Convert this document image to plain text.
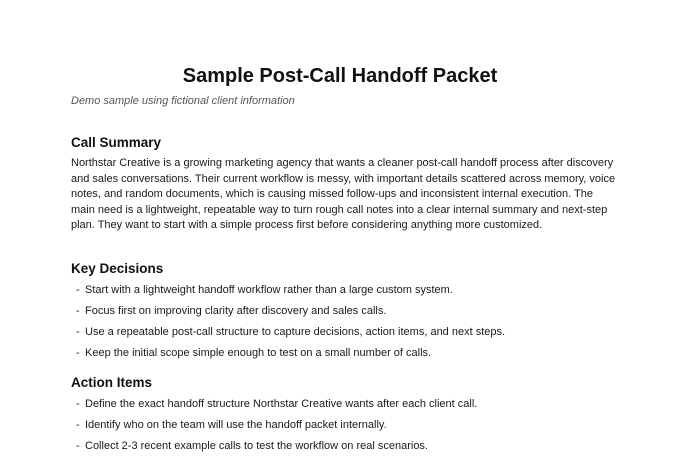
Sample Post-Call Handoff Packet

Demo sample using fictional client information

Call Summary

Northstar Creative is a growing marketing agency that wants a cleaner post-call handoff process after discovery and sales conversations. Their current workflow is messy, with important details scattered across memory, voice notes, and random documents, which is causing missed follow-ups and inconsistent internal execution. The main need is a lightweight, repeatable way to turn rough call notes into a clear internal summary and next-step plan. They want to start with a simple process first before considering anything more customized.

Key Decisions
- Start with a lightweight handoff workflow rather than a large custom system.
- Focus first on improving clarity after discovery and sales calls.
- Use a repeatable post-call structure to capture decisions, action items, and next steps.
- Keep the initial scope simple enough to test on a small number of calls.
Action Items
- Define the exact handoff structure Northstar Creative wants after each client call.
- Identify who on the team will use the handoff packet internally.
- Collect 2-3 recent example calls to test the workflow on real scenarios.
